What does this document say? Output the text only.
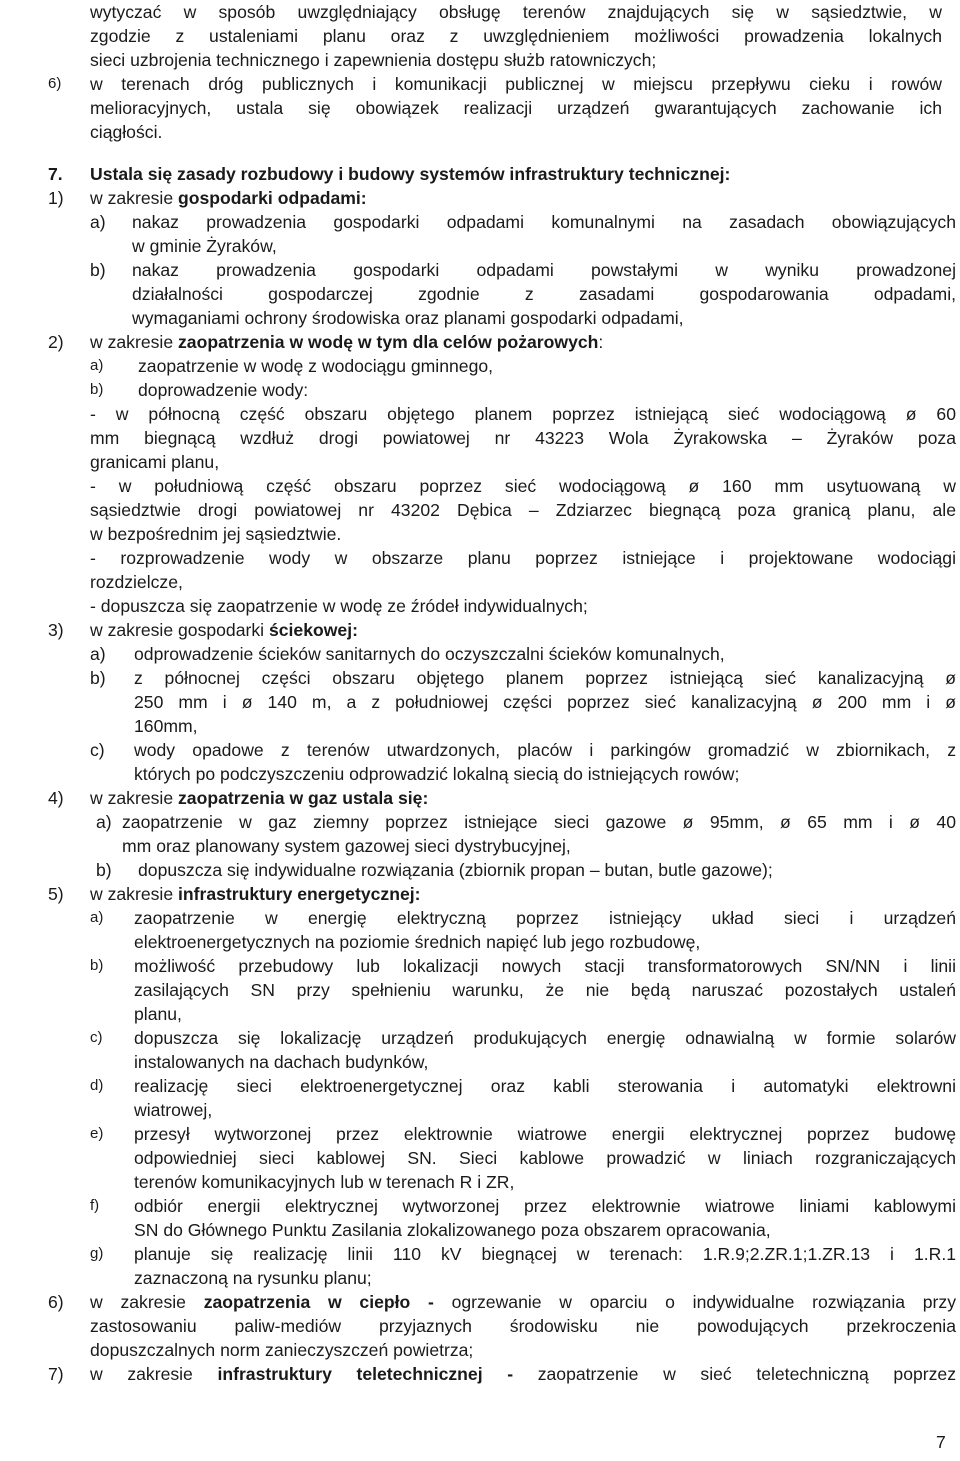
wytyczać w sposób uwzględniający obsługę terenów znajdujących się w sąsiedztwie, w
zgodzie z ustaleniami planu oraz z uwzględnieniem możliwości prowadzenia lokalnych
sieci uzbrojenia technicznego i zapewnienia dostępu służb ratowniczych;
6) w terenach dróg publicznych i komunikacji publicznej w miejscu przepływu cieku i rowów
melioracyjnych, ustala się obowiązek realizacji urządzeń gwarantujących zachowanie ich
ciągłości.
7. Ustala się zasady rozbudowy i budowy systemów infrastruktury technicznej:
1) w zakresie gospodarki odpadami:
a) nakaz prowadzenia gospodarki odpadami komunalnymi na zasadach obowiązujących
w gminie Żyraków,
b) nakaz prowadzenia gospodarki odpadami powstałymi w wyniku prowadzonej
działalności gospodarczej zgodnie z zasadami gospodarowania odpadami,
wymaganiami ochrony środowiska oraz planami gospodarki odpadami,
2) w zakresie zaopatrzenia w wodę w tym dla celów pożarowych:
a) zaopatrzenie w wodę z wodociągu gminnego,
b) doprowadzenie wody:
- w północną część obszaru objętego planem poprzez istniejącą sieć wodociągową ø 60
mm biegnącą wzdłuż drogi powiatowej nr 43223 Wola Żyrakowska – Żyraków poza
granicami planu,
- w południową część obszaru poprzez sieć wodociągową ø 160 mm usytuowaną w
sąsiedztwie drogi powiatowej nr 43202 Dębica – Zdziarzec biegnącą poza granicą planu, ale
w bezpośrednim jej sąsiedztwie.
- rozprowadzenie wody w obszarze planu poprzez istniejące i projektowane wodociągi
rozdzielcze,
- dopuszcza się zaopatrzenie w wodę ze źródeł indywidualnych;
3) w zakresie gospodarki ściekowej:
a) odprowadzenie ścieków sanitarnych do oczyszczalni ścieków komunalnych,
b) z północnej części obszaru objętego planem poprzez istniejącą sieć kanalizacyjną ø
250 mm i ø 140 m, a z południowej części poprzez sieć kanalizacyjną ø 200 mm i ø
160mm,
c) wody opadowe z terenów utwardzonych, placów i parkingów gromadzić w zbiornikach, z
których po podczyszczeniu odprowadzić lokalną siecią do istniejących rowów;
4) w zakresie zaopatrzenia w gaz ustala się:
a) zaopatrzenie w gaz ziemny poprzez istniejące sieci gazowe ø 95mm, ø 65 mm i ø 40
mm oraz planowany system gazowej sieci dystrybucyjnej,
b) dopuszcza się indywidualne rozwiązania (zbiornik propan – butan, butle gazowe);
5) w zakresie infrastruktury energetycznej:
a) zaopatrzenie w energię elektryczną poprzez istniejący układ sieci i urządzeń
elektroenergetycznych na poziomie średnich napięć lub jego rozbudowę,
b) możliwość przebudowy lub lokalizacji nowych stacji transformatorowych SN/NN i linii
zasilających SN przy spełnieniu warunku, że nie będą naruszać pozostałych ustaleń
planu,
c) dopuszcza się lokalizację urządzeń produkujących energię odnawialną w formie solarów
instalowanych na dachach budynków,
d) realizację sieci elektroenergetycznej oraz kabli sterowania i automatyki elektrowni
wiatrowej,
e) przesył wytworzonej przez elektrownie wiatrowe energii elektrycznej poprzez budowę
odpowiedniej sieci kablowej SN. Sieci kablowe prowadzić w liniach rozgraniczających
terenów komunikacyjnych lub w terenach R i ZR,
f) odbiór energii elektrycznej wytworzonej przez elektrownie wiatrowe liniami kablowymi
SN do Głównego Punktu Zasilania zlokalizowanego poza obszarem opracowania,
g) planuje się realizację linii 110 kV biegnącej w terenach: 1.R.9;2.ZR.1;1.ZR.13 i 1.R.1
zaznaczoną na rysunku planu;
6) w zakresie zaopatrzenia w ciepło - ogrzewanie w oparciu o indywidualne rozwiązania przy
zastosowaniu paliw-mediów przyjaznych środowisku nie powodujących przekroczenia
dopuszczalnych norm zanieczyszczeń powietrza;
7) w zakresie infrastruktury teletechnicznej - zaopatrzenie w sieć teletechniczną poprzez
7
